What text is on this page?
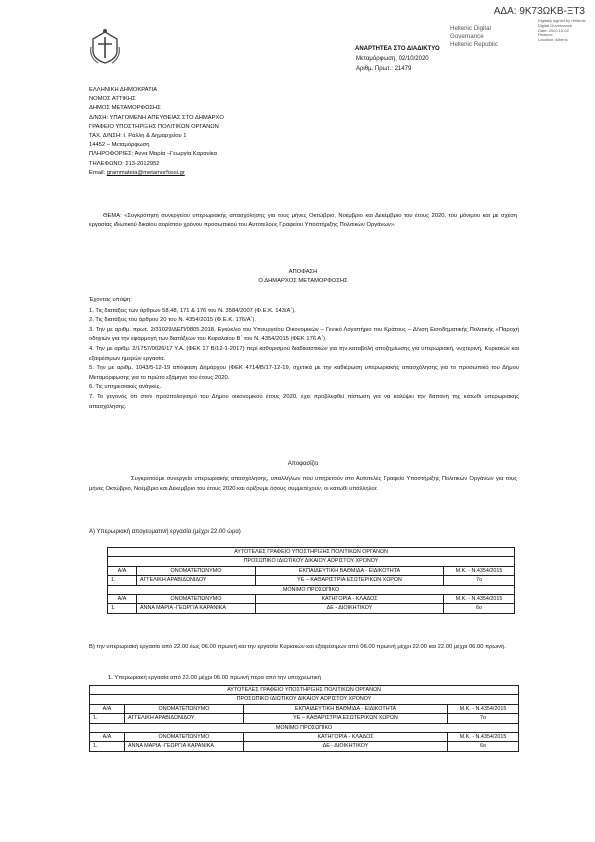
ΑΔΑ: 9Κ73ΩΚΒ-ΞΤ3
Hellenic Digital
Governance
Hellenic Republic
Digitally signed by Hellenic Digital Governance
Date: 2020.10.02
Reason:
Location: Athens
ΑΝΑΡΤΗΤΕΑ ΣΤΟ ΔΙΑΔΙΚΤΥΟ
Μεταμόρφωση, 02/10/2020
Αριθμ. Πρωτ.: 21479
ΕΛΛΗΝΙΚΗ ΔΗΜΟΚΡΑΤΙΑ
ΝΟΜΟΣ ΑΤΤΙΚΗΣ
ΔΗΜΟΣ ΜΕΤΑΜΟΡΦΩΣΗΣ
Δ/ΝΣΗ: ΥΠΑΓΟΜΕΝΗ ΑΠΕΥΘΕΙΑΣ ΣΤΟ ΔΗΜΑΡΧΟ
ΓΡΑΦΕΙΟ ΥΠΟΣΤΗΡΙΞΗΣ ΠΟΛΙΤΙΚΩΝ ΟΡΓΑΝΩΝ
ΤΑΧ. Δ/ΝΣΗ: Ι. Ράλλη & Δημαρχείου 1
14452 – Μεταμόρφωση
ΠΛΗΡΟΦΟΡΙΕΣ: Άννα Μαρία –Γεωργία Καρανίκα
ΤΗΛΕΦΩΝΟ: 213-2012952
Email: grammateia@metamorfossi.gr
ΘΕΜΑ: «Συγκρότηση συνεργείου υπερωριακής απασχόλησης για τους μήνες Οκτώβριο, Νοέμβριο και Δεκέμβριο του έτους 2020, του μόνιμου και με σχέση εργασίας ιδιωτικού δικαίου αορίστου χρόνου προσωπικού του Αυτοτελούς Γραφείου Υποστήριξης Πολιτικών Οργάνων».
ΑΠΟΦΑΣΗ
Ο ΔΗΜΑΡΧΟΣ ΜΕΤΑΜΟΡΦΩΣΗΣ
Έχοντας υπόψη:
1. Τις διατάξεις των άρθρων 58,48, 171 & 176 του Ν. 3584/2007 (Φ.Ε.Κ. 143/Α΄).
2. Τις διατάξεις του άρθρου 20 του Ν. 4354/2015 (Φ.Ε.Κ. 176/Α΄).
3. Την με αριθμ. πρωτ. 2/31029/ΔΕΠ/0805.2018, Εγκύκλιο του Υπουργείου Οικονομικών – Γενικό Λογιστήριο του Κράτους – Δ/νση Εισοδηματικής Πολιτικής «Παροχή οδηγιών για την εφαρμογή των διατάξεων του Κεφαλαίου Β΄ του Ν. 4354/2015 (ΦΕΚ 176 Α΄).
4. Την με αριθμ. 2/1757/0026/17 Υ.Α. (ΦΕΚ 17 Β/12-1-2017) περί καθορισμού διαδικαστικών για την καταβολή αποζημίωσης για υπερωριακή, νυχτερινή, Κυριακών και εξαιρέσιμων ημερών εργασία.
5. Την με αριθμ. 1043/5-12-19 απόφαση Δημάρχου (ΦΕΚ 4714/Β/17-12-19, σχετικά με την καθιέρωση υπερωριακής απασχόλησης για το προσωπικό του Δήμου Μεταμόρφωσης για το πρώτο εξάμηνο του έτους 2020.
6. Τις υπηρεσιακές ανάγκες.
7. Το γεγονός ότι στον προϋπολογισμό του Δήμου οικονομικού έτους 2020, έχει προβλεφθεί πίστωση για να καλύψει την δαπάνη της κάτωθι υπερωριακής απασχόλησης.
Αποφασίζει
Συγκροτούμε συνεργείο υπερωριακής απασχόλησης, υπαλλήλων που υπηρετούν στο Αυτοτελές Γραφείο Υποστήριξης Πολιτικών Οργάνων για τους μήνες Οκτώβριο, Νοέμβριο και Δεκέμβριο του έτους 2020 και ορίζουμε όσους συμμετέχουν, οι κάτωθι υπάλληλοι:
Α) Υπερωριακή απογευματινή εργασία (μέχρι 22.00 ώρα)
ΑΥΤΟΤΕΛΕΣ ΓΡΑΦΕΙΟ ΥΠΟΣΤΗΡΙΞΗΣ ΠΟΛΙΤΙΚΩΝ ΟΡΓΑΝΩΝ			
ΠΡΟΣΩΠΙΚΟ ΙΔΙΩΤΙΚΟΥ ΔΙΚΑΙΟΥ ΑΟΡΙΣΤΟΥ ΧΡΟΝΟΥ			
Α/Α	ΟΝΟΜΑΤΕΠΩΝΥΜΟ	ΕΚΠΑΙΔΕΥΤΙΚΗ ΒΑΘΜΙΔΑ - ΕΙΔΙΚΟΤΗΤΑ	Μ.Κ. - Ν.4354/2015
1.	ΑΓΓΕΛΙΚΗ ΑΡΑΒΙΔΩΝΙΔΟΥ	ΥΕ – ΚΑΘΑΡΙΣΤΡΙΑ ΕΣΩΤΕΡΙΚΩΝ ΧΩΡΩΝ	7ο
ΜΟΝΙΜΟ ΠΡΟΣΩΠΙΚΟ			
Α/Α	ΟΝΟΜΑΤΕΠΩΝΥΜΟ	ΚΑΤΗΓΟΡΙΑ - ΚΛΑΔΟΣ	Μ.Κ. - Ν.4354/2015
1.	ΑΝΝΑ ΜΑΡΙΑ -ΓΕΩΡΓΙΑ ΚΑΡΑΝΙΚΑ	ΔΕ - ΔΙΟΙΚΗΤΙΚΟΥ	6ο
Β) την υπερωριακή εργασία από 22.00 έως 06.00 πρωινή και την εργασία Κυριακών και εξαιρέσιμων από 06.00 πρωινή μέχρι 22.00 και 22.00 μέχρι 06.00 πρωινή.
1. Υπερωριακή εργασία από 22.00 μέχρι 06.00 πρωινή πέρα από την υποχρεωτική
ΑΥΤΟΤΕΛΕΣ ΓΡΑΦΕΙΟ ΥΠΟΣΤΗΡΙΞΗΣ ΠΟΛΙΤΙΚΩΝ ΟΡΓΑΝΩΝ			
ΠΡΟΣΩΠΙΚΟ ΙΔΙΩΤΙΚΟΥ ΔΙΚΑΙΟΥ ΑΟΡΙΣΤΟΥ ΧΡΟΝΟΥ			
Α/Α	ΟΝΟΜΑΤΕΠΩΝΥΜΟ	ΕΚΠΑΙΔΕΥΤΙΚΗ ΒΑΘΜΙΔΑ - ΕΙΔΙΚΟΤΗΤΑ	Μ.Κ. - Ν.4354/2015
1.	ΑΓΓΕΛΙΚΗ ΑΡΑΒΙΔΩΝΙΔΟΥ	ΥΕ – ΚΑΘΑΡΙΣΤΡΙΑ ΕΣΩΤΕΡΙΚΩΝ ΧΩΡΩΝ	7ο
ΜΟΝΙΜΟ ΠΡΟΣΩΠΙΚΟ			
Α/Α	ΟΝΟΜΑΤΕΠΩΝΥΜΟ	ΚΑΤΗΓΟΡΙΑ - ΚΛΑΔΟΣ	Μ.Κ. - Ν.4354/2015
1.	ΑΝΝΑ ΜΑΡΙΑ -ΓΕΩΡΓΙΑ ΚΑΡΑΝΙΚΑ	ΔΕ - ΔΙΟΙΚΗΤΙΚΟΥ	6ο
